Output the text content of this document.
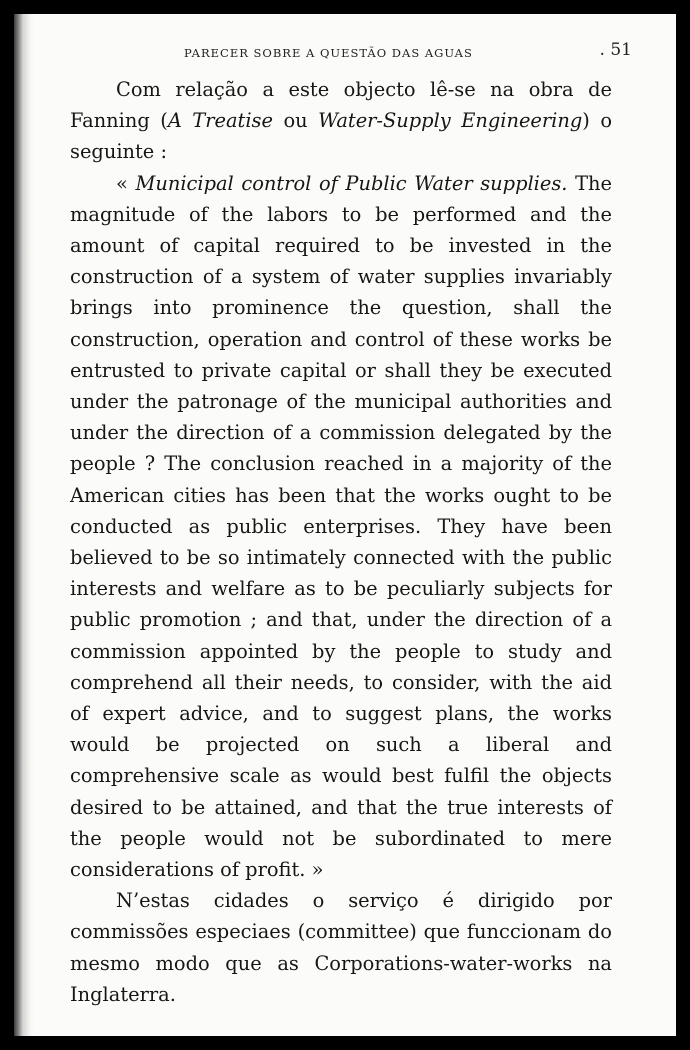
PARECER SOBRE A QUESTÃO DAS AGUAS	. 51

Com relação a este objecto lê-se na obra de Fanning (A Treatise ou Water-Supply Engineering) o seguinte :

« Municipal control of Public Water supplies. The magnitude of the labors to be performed and the amount of capital required to be invested in the construction of a system of water supplies invariably brings into prominence the question, shall the construction, operation and control of these works be entrusted to private capital or shall they be executed under the patronage of the municipal authorities and under the direction of a commission delegated by the people ? The conclusion reached in a majority of the American cities has been that the works ought to be conducted as public enterprises. They have been believed to be so intimately connected with the public interests and welfare as to be peculiarly subjects for public promotion ; and that, under the direction of a commission appointed by the people to study and comprehend all their needs, to consider, with the aid of expert advice, and to suggest plans, the works would be projected on such a liberal and comprehensive scale as would best fulfil the objects desired to be attained, and that the true interests of the people would not be subordinated to mere considerations of profit. »

N’estas cidades o serviço é dirigido por commissões especiaes (committee) que funccionam do mesmo modo que as Corporations-water-works na Inglaterra.
